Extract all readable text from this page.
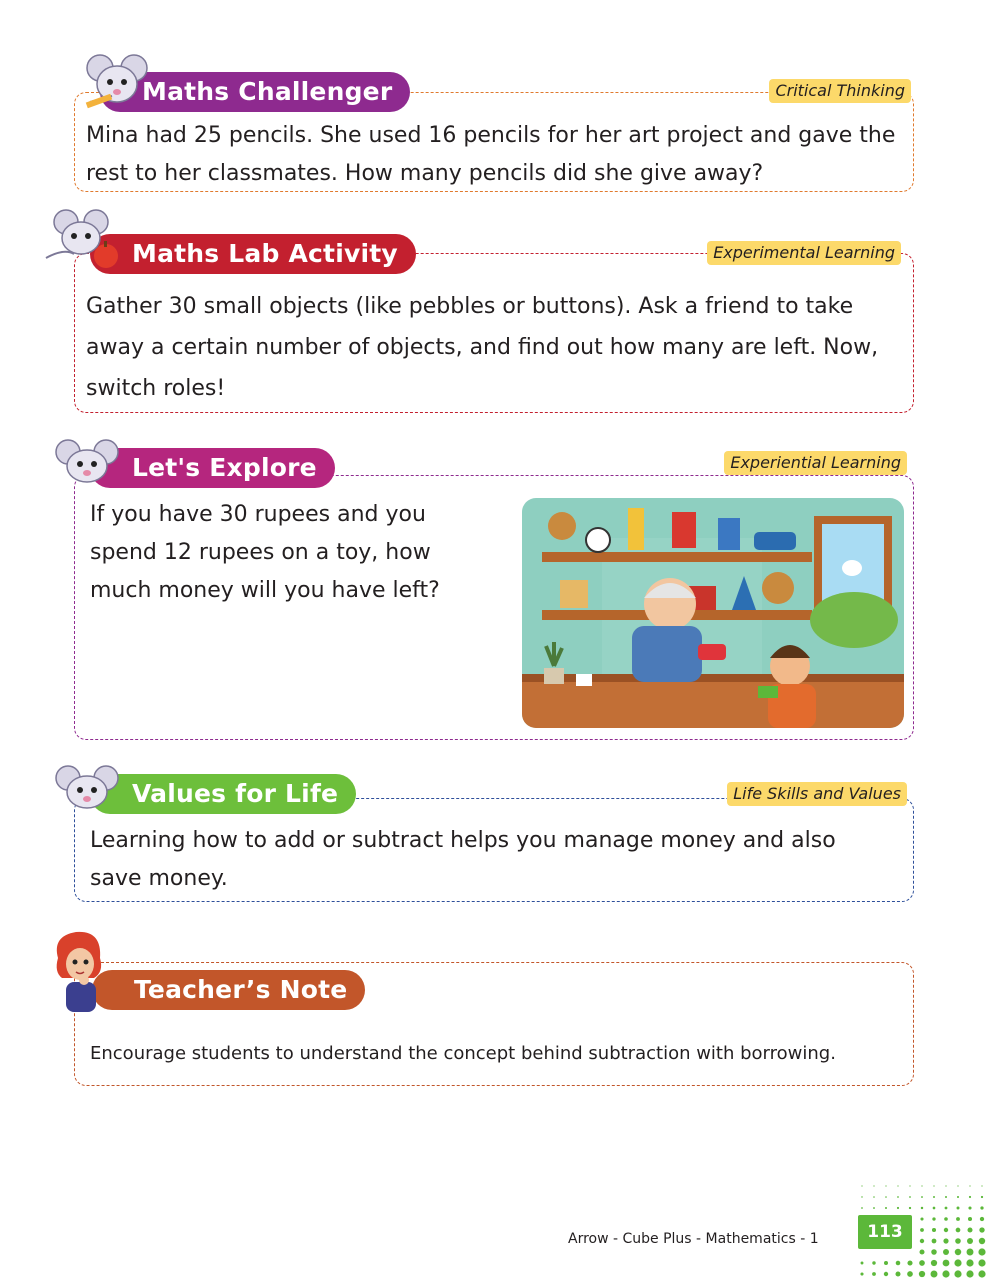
Mina had 25 pencils. She used 16 pencils for her art project and gave the rest to her classmates. How many pencils did she give away?
Maths Challenger	Critical Thinking
Gather 30 small objects (like pebbles or buttons). Ask a friend to take away a certain number of objects, and find out how many are left. Now, switch roles!
Maths Lab Activity	Experimental Learning
If you have 30 rupees and you spend 12 rupees on a toy, how much money will you have left?
Let's Explore	Experiential Learning
Learning how to add or subtract helps you manage money and also save money.
Values for Life	Life Skills and Values
Encourage students to understand the concept behind subtraction with borrowing.
Teacher’s Note
Arrow - Cube Plus - Mathematics - 1	113
